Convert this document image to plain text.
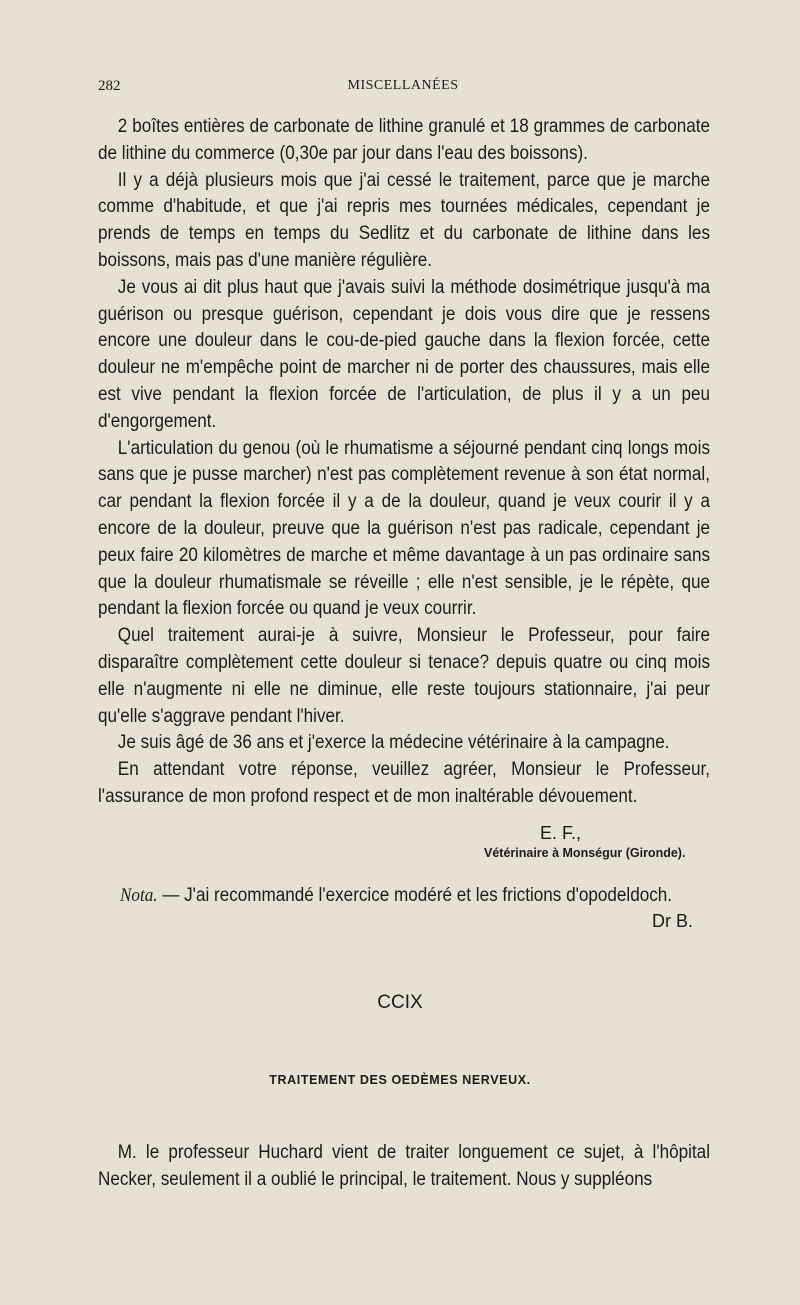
282	MISCELLANÉES

2 boîtes entières de carbonate de lithine granulé et 18 grammes de carbonate de lithine du commerce (0,30e par jour dans l'eau des boissons).

Il y a déjà plusieurs mois que j'ai cessé le traitement, parce que je marche comme d'habitude, et que j'ai repris mes tournées médicales, cependant je prends de temps en temps du Sedlitz et du carbonate de lithine dans les boissons, mais pas d'une manière régulière.

Je vous ai dit plus haut que j'avais suivi la méthode dosimétrique jusqu'à ma guérison ou presque guérison, cependant je dois vous dire que je ressens encore une douleur dans le cou-de-pied gauche dans la flexion forcée, cette douleur ne m'empêche point de marcher ni de porter des chaussures, mais elle est vive pendant la flexion forcée de l'articulation, de plus il y a un peu d'engorgement.

L'articulation du genou (où le rhumatisme a séjourné pendant cinq longs mois sans que je pusse marcher) n'est pas complètement revenue à son état normal, car pendant la flexion forcée il y a de la douleur, quand je veux courir il y a encore de la douleur, preuve que la guérison n'est pas radicale, cependant je peux faire 20 kilomètres de marche et même davantage à un pas ordinaire sans que la douleur rhumatismale se réveille ; elle n'est sensible, je le répète, que pendant la flexion forcée ou quand je veux courrir.

Quel traitement aurai-je à suivre, Monsieur le Professeur, pour faire disparaître complètement cette douleur si tenace? depuis quatre ou cinq mois elle n'augmente ni elle ne diminue, elle reste toujours stationnaire, j'ai peur qu'elle s'aggrave pendant l'hiver.

Je suis âgé de 36 ans et j'exerce la médecine vétérinaire à la campagne.

En attendant votre réponse, veuillez agréer, Monsieur le Professeur, l'assurance de mon profond respect et de mon inaltérable dévouement.

E. F.,
Vétérinaire à Monségur (Gironde).
Nota. — J'ai recommandé l'exercice modéré et les frictions d'opodeldoch.
Dr B.
CCIX
TRAITEMENT DES OEDÈMES NERVEUX.

M. le professeur Huchard vient de traiter longuement ce sujet, à l'hôpital Necker, seulement il a oublié le principal, le traitement. Nous y suppléons
